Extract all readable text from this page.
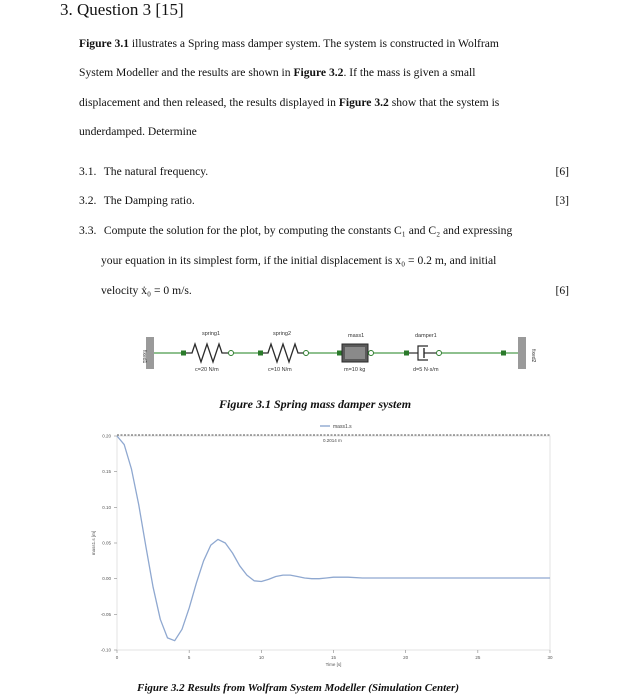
3. Question 3 [15]
Figure 3.1 illustrates a Spring mass damper system. The system is constructed in Wolfram
System Modeller and the results are shown in Figure 3.2. If the mass is given a small
displacement and then released, the results displayed in Figure 3.2 show that the system is
underdamped. Determine
3.1. The natural frequency.	[6]
3.2. The Damping ratio.	[3]
3.3. Compute the solution for the plot, by computing the constants C₁ and C₂ and expressing
your equation in its simplest form, if the initial displacement is x₀ = 0.2 m, and initial
velocity ẋ₀ = 0 m/s.	[6]
fixed1
spring1
c=20 N/m
spring2
c=10 N/m
mass1
m=10 kg
damper1
d=5 N·s/m
fixed2
Figure 3.1 Spring mass damper system
mass1.s
0.2014 m
0.20
0.15
0.10
0.05
0.00
-0.05
-0.10
0	5	10	15	20	25	30
Time [s]
mass1.s [m]
Figure 3.2 Results from Wolfram System Modeller (Simulation Center)
